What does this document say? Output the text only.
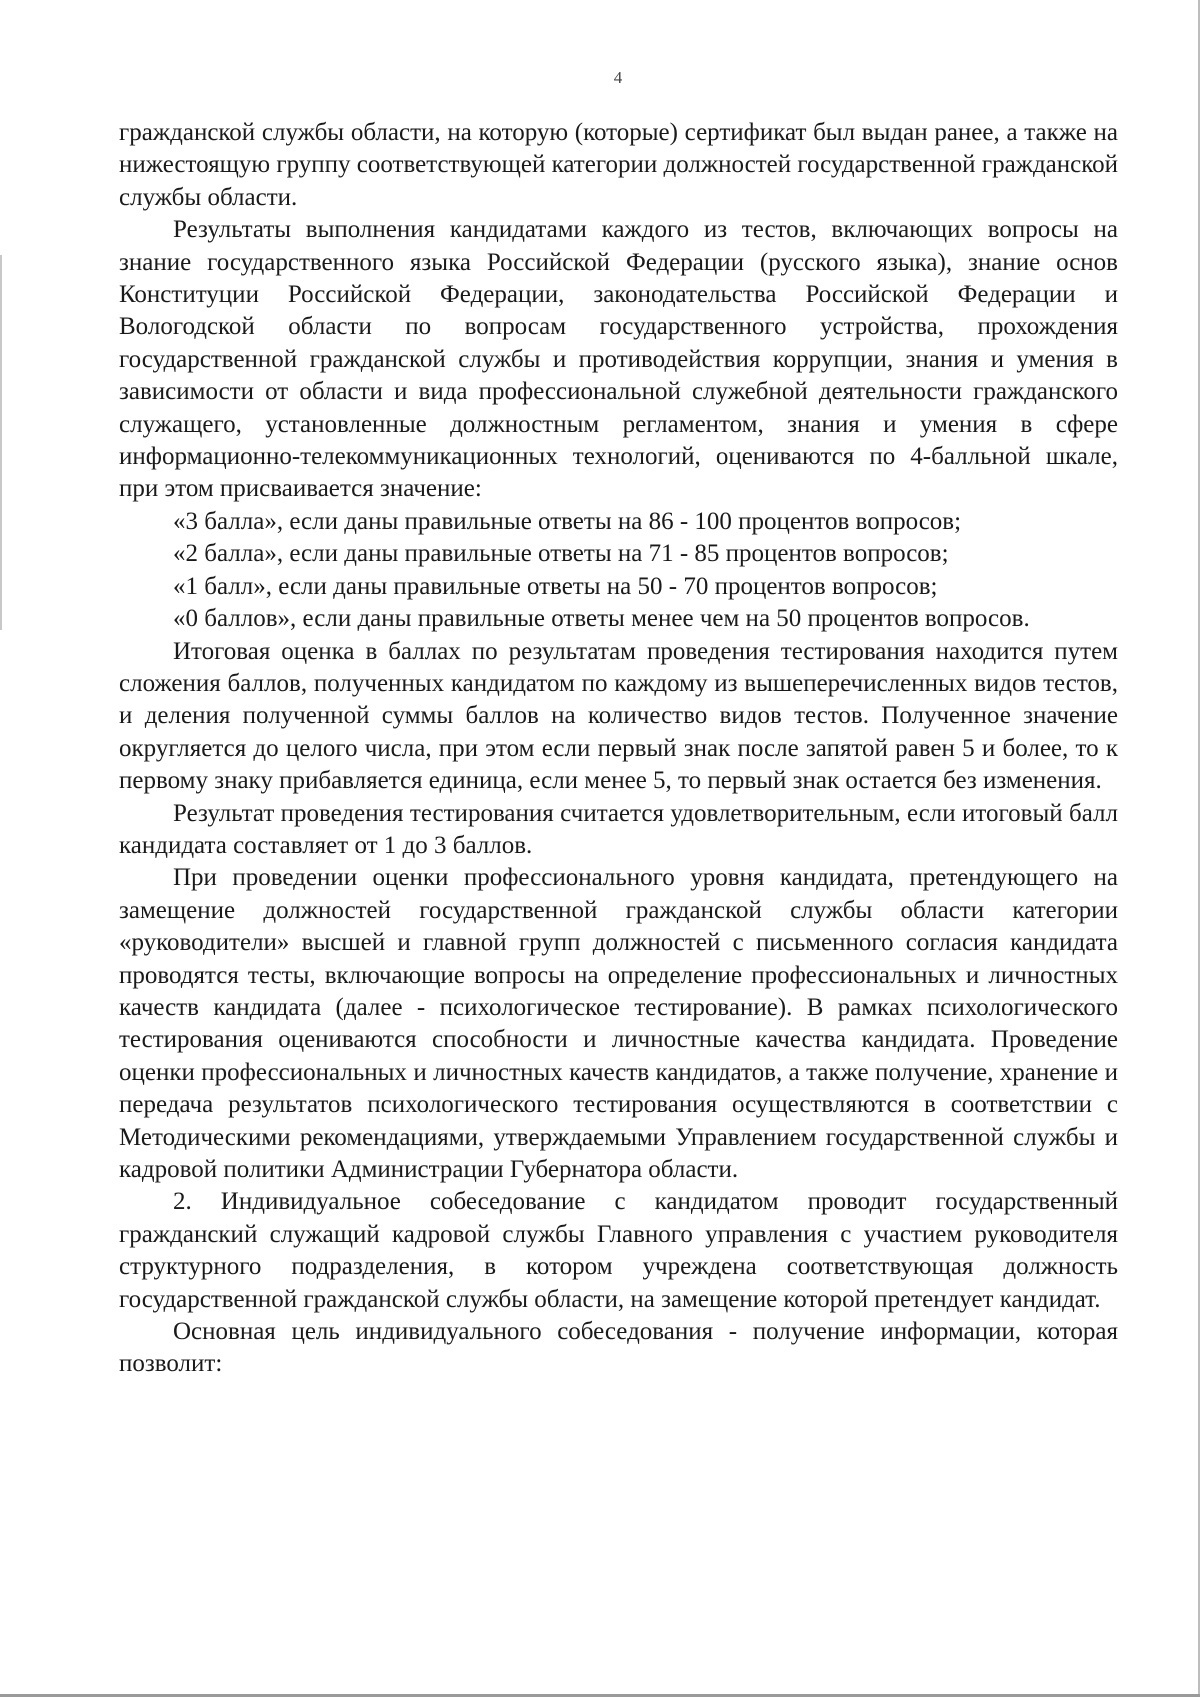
4

гражданской службы области, на которую (которые) сертификат был выдан ранее, а также на нижестоящую группу соответствующей категории должностей государственной гражданской службы области.

Результаты выполнения кандидатами каждого из тестов, включающих вопросы на знание государственного языка Российской Федерации (русского языка), знание основ Конституции Российской Федерации, законодательства Российской Федерации и Вологодской области по вопросам государственного устройства, прохождения государственной гражданской службы и противодействия коррупции, знания и умения в зависимости от области и вида профессиональной служебной деятельности гражданского служащего, установленные должностным регламентом, знания и умения в сфере информационно-телекоммуникационных технологий, оцениваются по 4-балльной шкале, при этом присваивается значение:

«3 балла», если даны правильные ответы на 86 - 100 процентов вопросов;

«2 балла», если даны правильные ответы на 71 - 85 процентов вопросов;

«1 балл», если даны правильные ответы на 50 - 70 процентов вопросов;

«0 баллов», если даны правильные ответы менее чем на 50 процентов вопросов.

Итоговая оценка в баллах по результатам проведения тестирования находится путем сложения баллов, полученных кандидатом по каждому из вышеперечисленных видов тестов, и деления полученной суммы баллов на количество видов тестов. Полученное значение округляется до целого числа, при этом если первый знак после запятой равен 5 и более, то к первому знаку прибавляется единица, если менее 5, то первый знак остается без изменения.

Результат проведения тестирования считается удовлетворительным, если итоговый балл кандидата составляет от 1 до 3 баллов.

При проведении оценки профессионального уровня кандидата, претендующего на замещение должностей государственной гражданской службы области категории «руководители» высшей и главной групп должностей с письменного согласия кандидата проводятся тесты, включающие вопросы на определение профессиональных и личностных качеств кандидата (далее - психологическое тестирование). В рамках психологического тестирования оцениваются способности и личностные качества кандидата. Проведение оценки профессиональных и личностных качеств кандидатов, а также получение, хранение и передача результатов психологического тестирования осуществляются в соответствии с Методическими рекомендациями, утверждаемыми Управлением государственной службы и кадровой политики Администрации Губернатора области.

2. Индивидуальное собеседование с кандидатом проводит государственный гражданский служащий кадровой службы Главного управления с участием руководителя структурного подразделения, в котором учреждена соответствующая должность государственной гражданской службы области, на замещение которой претендует кандидат.

Основная цель индивидуального собеседования - получение информации, которая позволит:
